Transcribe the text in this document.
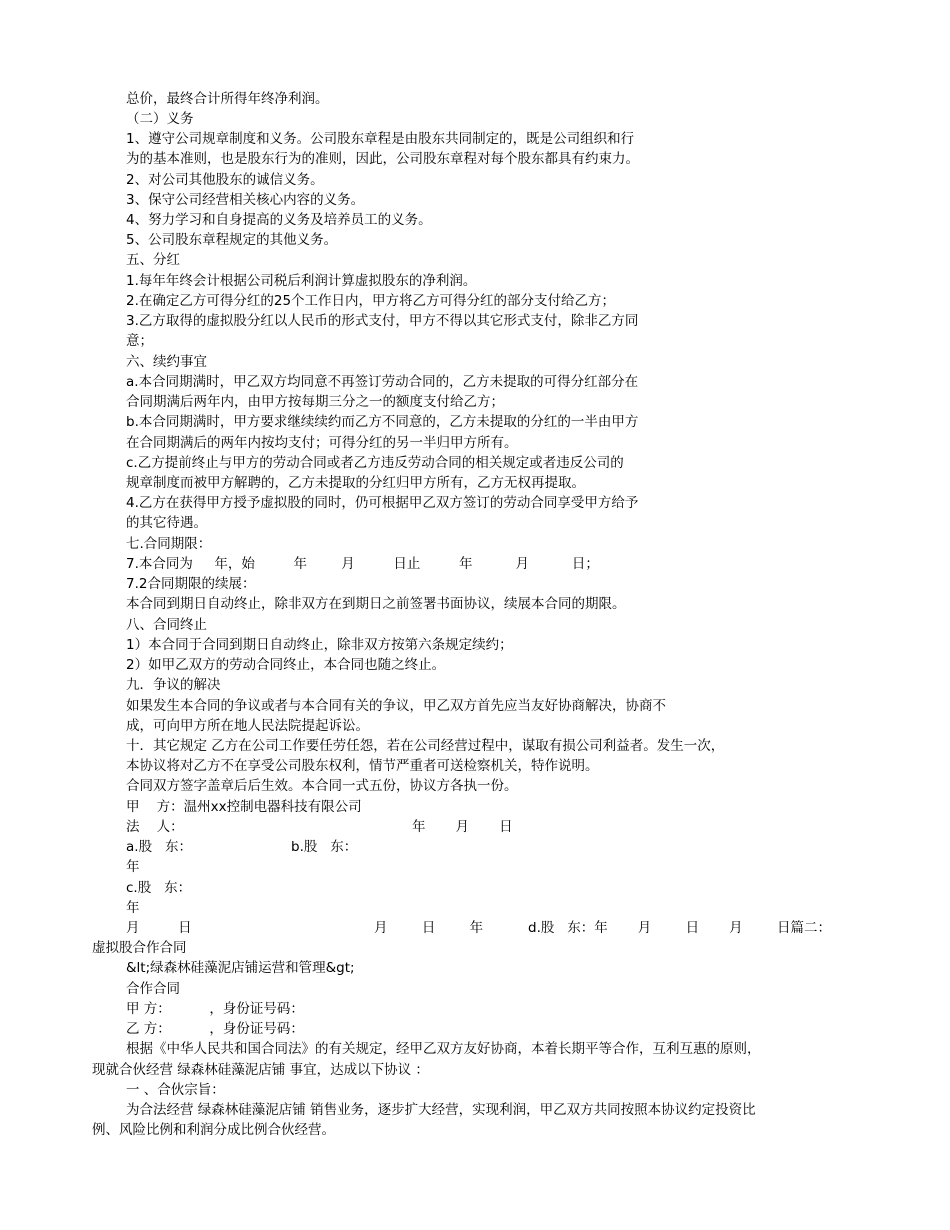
总价，最终合计所得年终净利润。
（二）义务
1、遵守公司规章制度和义务。公司股东章程是由股东共同制定的，既是公司组织和行
为的基本准则，也是股东行为的准则，因此，公司股东章程对每个股东都具有约束力。
2、对公司其他股东的诚信义务。
3、保守公司经营相关核心内容的义务。
4、努力学习和自身提高的义务及培养员工的义务。
5、公司股东章程规定的其他义务。
五、分红
1.每年年终会计根据公司税后利润计算虚拟股东的净利润。
2.在确定乙方可得分红的25个工作日内，甲方将乙方可得分红的部分支付给乙方；
3.乙方取得的虚拟股分红以人民币的形式支付，甲方不得以其它形式支付，除非乙方同
意；
六、续约事宜
a.本合同期满时，甲乙双方均同意不再签订劳动合同的，乙方未提取的可得分红部分在
合同期满后两年内，由甲方按每期三分之一的额度支付给乙方；
b.本合同期满时，甲方要求继续续约而乙方不同意的，乙方未提取的分红的一半由甲方
在合同期满后的两年内按均支付；可得分红的另一半归甲方所有。
c.乙方提前终止与甲方的劳动合同或者乙方违反劳动合同的相关规定或者违反公司的
规章制度而被甲方解聘的，乙方未提取的分红归甲方所有，乙方无权再提取。
4.乙方在获得甲方授予虚拟股的同时，仍可根据甲乙双方签订的劳动合同享受甲方给予
的其它待遇。
七.合同期限：
7.本合同为     年，始         年        月         日止         年          月          日；
7.2合同期限的续展：
本合同到期日自动终止，除非双方在到期日之前签署书面协议，续展本合同的期限。
八、合同终止
1）本合同于合同到期日自动终止，除非双方按第六条规定续约；
2）如甲乙双方的劳动合同终止，本合同也随之终止。
九．争议的解决
如果发生本合同的争议或者与本合同有关的争议，甲乙双方首先应当友好协商解决，协商不
成，可向甲方所在地人民法院提起诉讼。
十．其它规定 乙方在公司工作要任劳任怨，若在公司经营过程中，谋取有损公司利益者。发生一次，
本协议将对乙方不在享受公司股东权利，情节严重者可送检察机关，特作说明。
合同双方签字盖章后后生效。本合同一式五份，协议方各执一份。
甲    方：温州xx控制电器科技有限公司
法    人：	年       月       日
a.股   东：	b.股   东：
年
c.股   东：
年
月         日	月        日        年	d.股   东：年       月        日       月        日篇二：
虚拟股合作合同
&lt;绿森林硅藻泥店铺运营和管理&gt;
合作合同
甲 方：         ，身份证号码：
乙 方：         ，身份证号码：
根据《中华人民共和国合同法》的有关规定，经甲乙双方友好协商，本着长期平等合作，互利互惠的原则，
现就合伙经营 绿森林硅藻泥店铺 事宜，达成以下协议 ：
一 、合伙宗旨：
为合法经营 绿森林硅藻泥店铺 销售业务，逐步扩大经营，实现利润，甲乙双方共同按照本协议约定投资比
例、风险比例和利润分成比例合伙经营。
